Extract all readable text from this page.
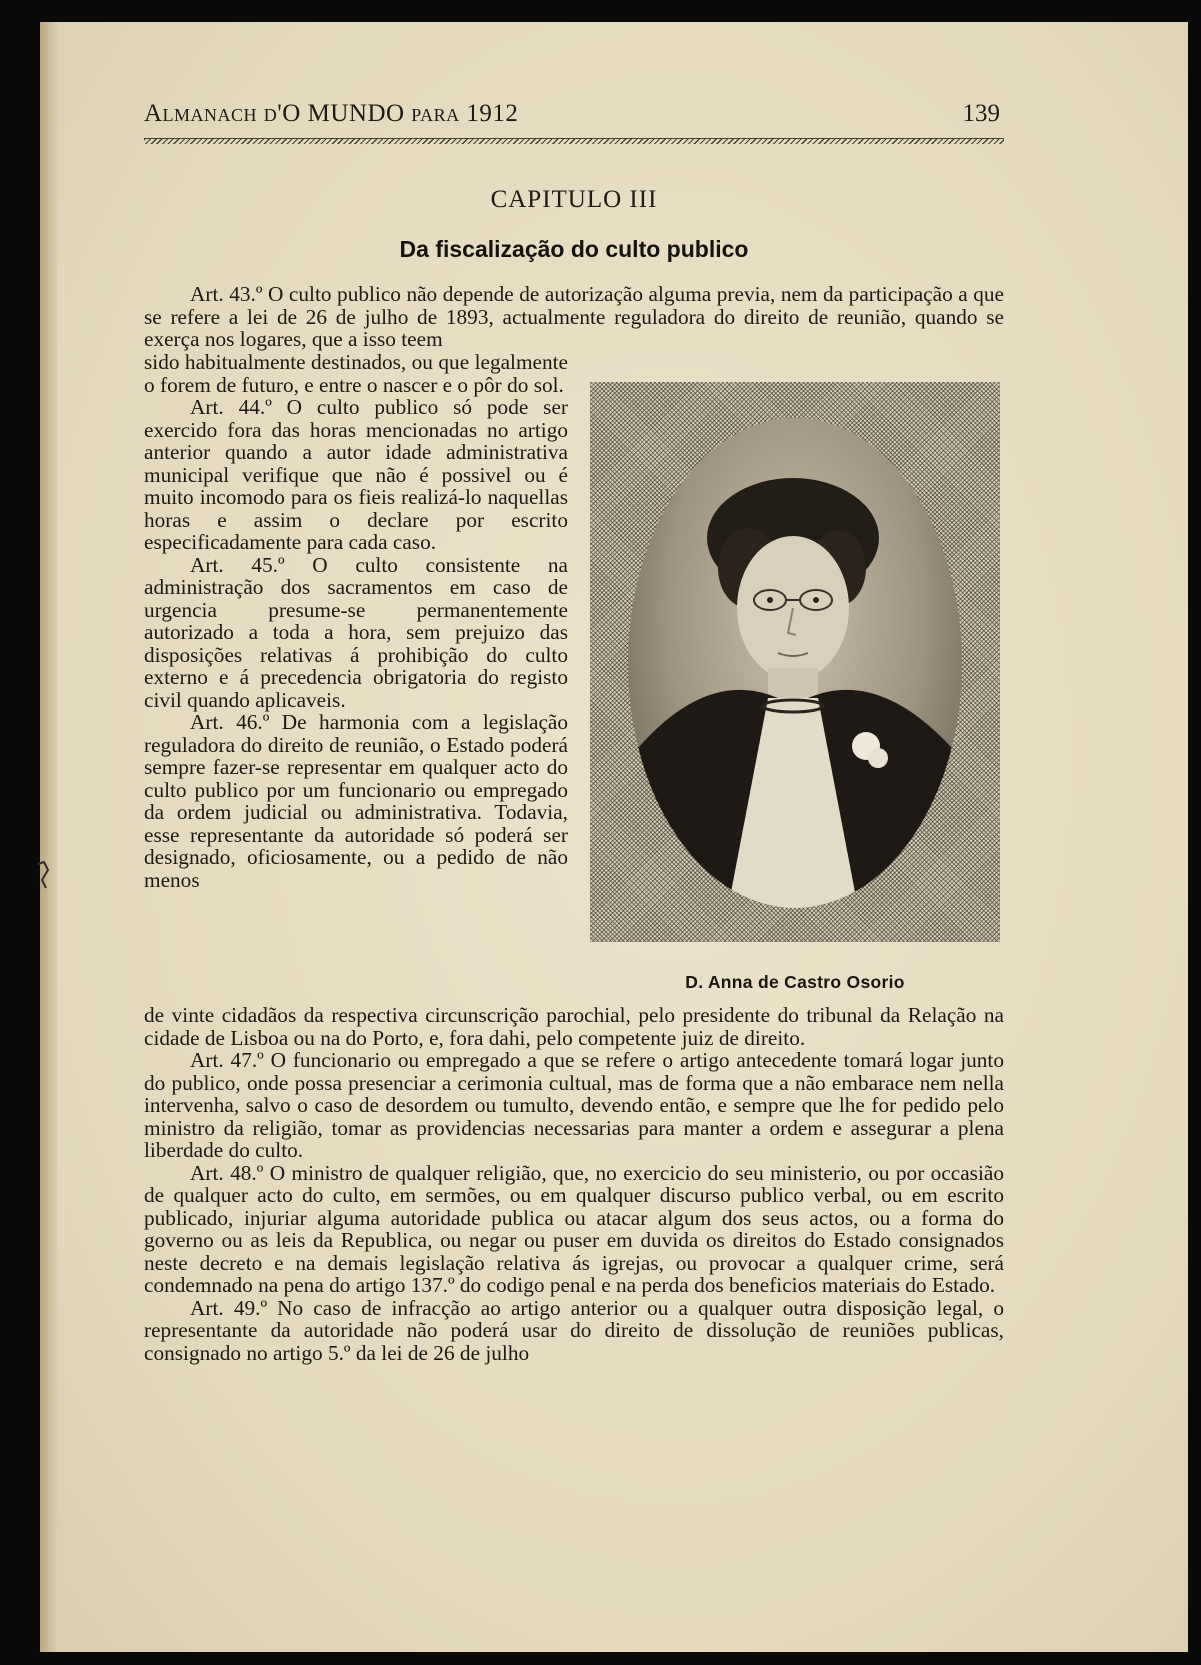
Almanach d'O MUNDO para 1912	139
CAPITULO III
Da fiscalização do culto publico

Art. 43.º O culto publico não depende de autorização alguma previa, nem da participação a que se refere a lei de 26 de julho de 1893, actualmente reguladora do direito de reunião, quando se exerça nos logares, que a isso teem

sido habitualmente destinados, ou que legalmente o forem de futuro, e entre o nascer e o pôr do sol.

Art. 44.º O culto publico só pode ser exercido fora das horas mencionadas no artigo anterior quando a autor idade administrativa municipal verifique que não é possivel ou é muito incomodo para os fieis realizá-lo naquellas horas e assim o declare por escrito especificadamente para cada caso.

Art. 45.º O culto consistente na administração dos sacramentos em caso de urgencia presume-se permanentemente autorizado a toda a hora, sem prejuizo das disposições relativas á prohibição do culto externo e á precedencia obrigatoria do registo civil quando aplicaveis.

Art. 46.º De harmonia com a legislação reguladora do direito de reunião, o Estado poderá sempre fazer-se representar em qualquer acto do culto publico por um funcionario ou empregado da ordem judicial ou administrativa. Todavia, esse representante da autoridade só poderá ser designado, oficiosamente, ou a pedido de não menos

D. Anna de Castro Osorio

de vinte cidadãos da respectiva circunscrição parochial, pelo presidente do tribunal da Relação na cidade de Lisboa ou na do Porto, e, fora dahi, pelo competente juiz de direito.

Art. 47.º O funcionario ou empregado a que se refere o artigo antecedente tomará logar junto do publico, onde possa presenciar a cerimonia cultual, mas de forma que a não embarace nem nella intervenha, salvo o caso de desordem ou tumulto, devendo então, e sempre que lhe for pedido pelo ministro da religião, tomar as providencias necessarias para manter a ordem e assegurar a plena liberdade do culto.

Art. 48.º O ministro de qualquer religião, que, no exercicio do seu ministerio, ou por occasião de qualquer acto do culto, em sermões, ou em qualquer discurso publico verbal, ou em escrito publicado, injuriar alguma autoridade publica ou atacar algum dos seus actos, ou a forma do governo ou as leis da Republica, ou negar ou puser em duvida os direitos do Estado consignados neste decreto e na demais legislação relativa ás igrejas, ou provocar a qualquer crime, será condemnado na pena do artigo 137.º do codigo penal e na perda dos beneficios materiais do Estado.

Art. 49.º No caso de infracção ao artigo anterior ou a qualquer outra disposição legal, o representante da autoridade não poderá usar do direito de dissolução de reuniões publicas, consignado no artigo 5.º da lei de 26 de julho
